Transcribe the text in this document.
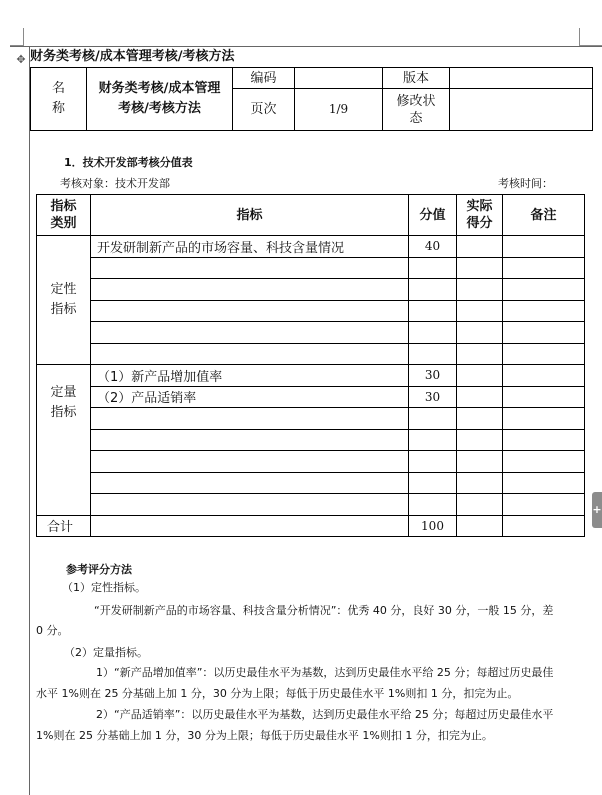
✥ 财务类考核/成本管理考核/考核方法
名
称	财务类考核/成本管理考核/考核方法	编码		版本	
		页次	1/9	修改状态	
1．技术开发部考核分值表
考核对象：技术开发部	考核时间：
指标类别	指标	分值	实际得分	备注
定性指标	开发研制新产品的市场容量、科技含量情况	40		

定量指标	（1）新产品增加值率	30		
	（2）产品适销率	30		

合计		100		
参考评分方法
（1）定性指标。
“开发研制新产品的市场容量、科技含量分析情况”：优秀 40 分，良好 30 分，一般 15 分，差
0 分。
（2）定量指标。
1）“新产品增加值率”：以历史最佳水平为基数，达到历史最佳水平给 25 分；每超过历史最佳
水平 1%则在 25 分基础上加 1 分，30 分为上限；每低于历史最佳水平 1%则扣 1 分，扣完为止。
2）“产品适销率”：以历史最佳水平为基数，达到历史最佳水平给 25 分；每超过历史最佳水平
1%则在 25 分基础上加 1 分，30 分为上限；每低于历史最佳水平 1%则扣 1 分，扣完为止。
+
